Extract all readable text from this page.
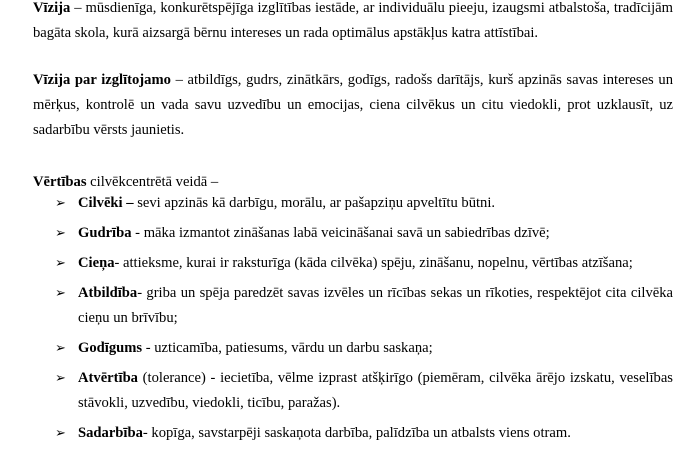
Vīzija – mūsdienīga, konkurētspējīga izglītības iestāde, ar individuālu pieeju, izaugsmi atbalstoša, tradīcijām bagāta skola, kurā aizsargā bērnu intereses un rada optimālus apstākļus katra attīstībai.
Vīzija par izglītojamo – atbildīgs, gudrs, zinātkārs, godīgs, radošs darītājs, kurš apzinās savas intereses un mērķus, kontrolē un vada savu uzvedību un emocijas, ciena cilvēkus un citu viedokli, prot uzklausīt, uz sadarbību vērsts jaunietis.
Vērtības cilvēkcentrētā veidā –
➢ Cilvēki – sevi apzinās kā darbīgu, morālu, ar pašapziņu apveltītu būtni.
➢ Gudrība - māka izmantot zināšanas labā veicināšanai savā un sabiedrības dzīvē;
➢ Cieņa- attieksme, kurai ir raksturīga (kāda cilvēka) spēju, zināšanu, nopelnu, vērtības atzīšana;
➢ Atbildība- griba un spēja paredzēt savas izvēles un rīcības sekas un rīkoties, respektējot cita cilvēka cieņu un brīvību;
➢ Godīgums - uzticamība, patiesums, vārdu un darbu saskaņa;
➢ Atvērtība (tolerance) - iecietība, vēlme izprast atšķirīgo (piemēram, cilvēka ārējo izskatu, veselības stāvokli, uzvedību, viedokli, ticību, paražas).
➢ Sadarbība- kopīga, savstarpēji saskaņota darbība, palīdzība un atbalsts viens otram.
